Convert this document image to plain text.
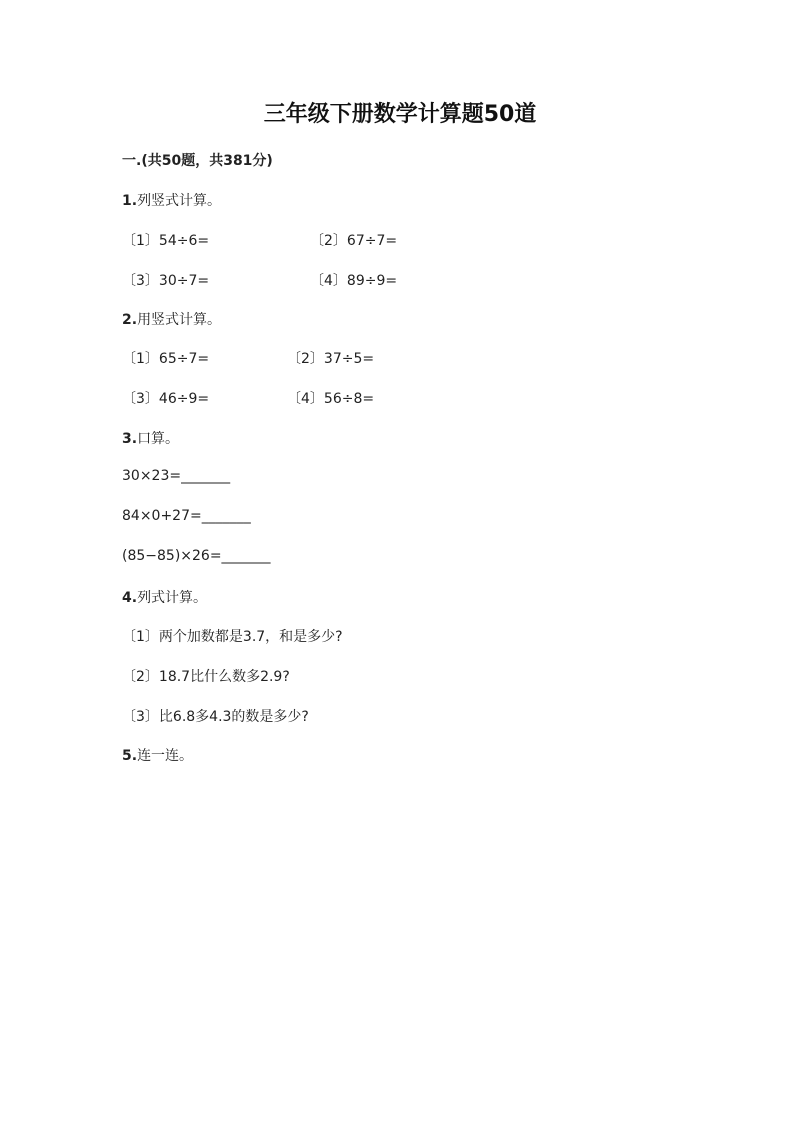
三年级下册数学计算题50道
一.(共50题，共381分)
1.列竖式计算。
〔1〕54÷6=	〔2〕67÷7=
〔3〕30÷7=	〔4〕89÷9=
2.用竖式计算。
〔1〕65÷7=	〔2〕37÷5=
〔3〕46÷9=	〔4〕56÷8=
3.口算。
30×23=_______
84×0+27=_______
(85−85)×26=_______
4.列式计算。
〔1〕两个加数都是3.7，和是多少?
〔2〕18.7比什么数多2.9?
〔3〕比6.8多4.3的数是多少?
5.连一连。
